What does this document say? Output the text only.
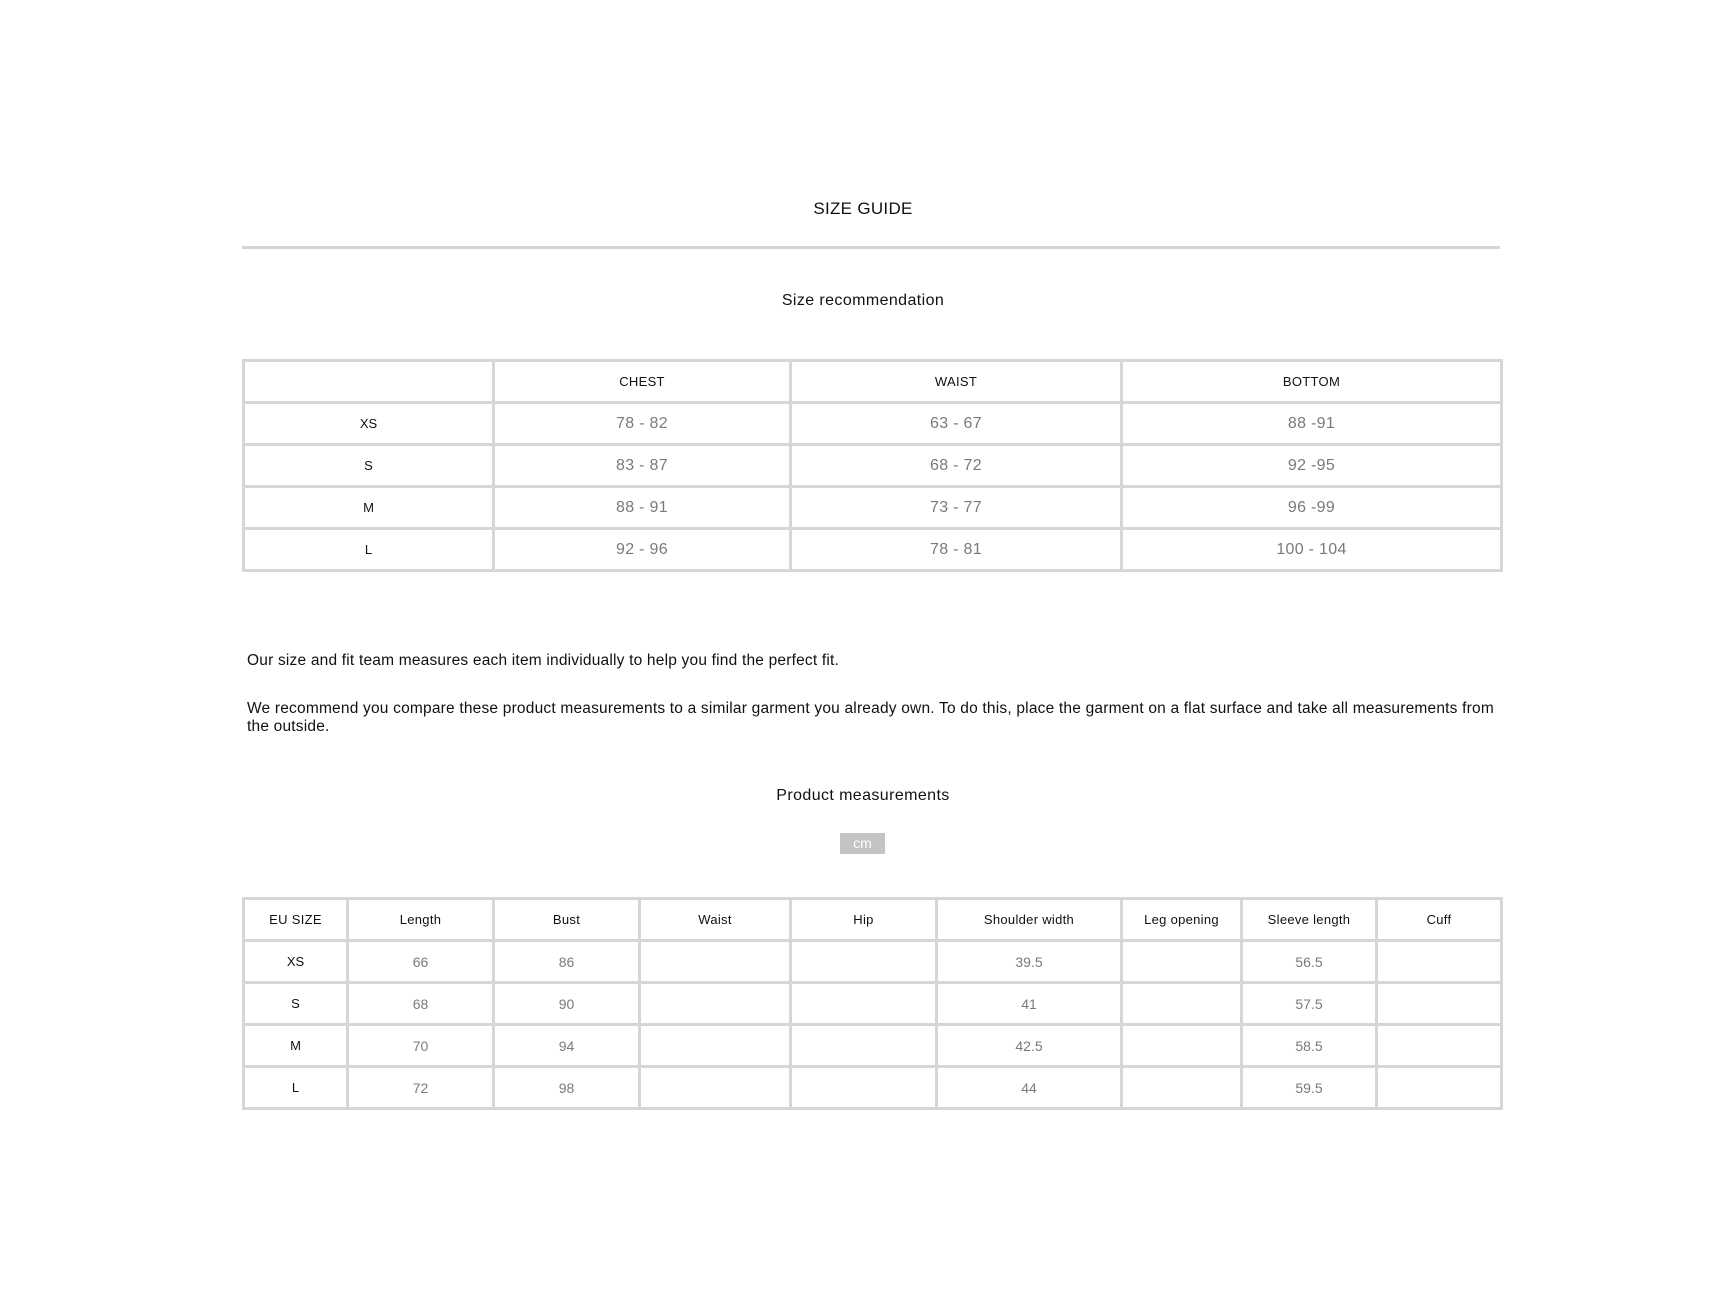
SIZE GUIDE
Size recommendation
	CHEST	WAIST	BOTTOM
XS	78 - 82	63 - 67	88 -91
S	83 - 87	68 - 72	92 -95
M	88 - 91	73 - 77	96 -99
L	92 - 96	78 - 81	100 - 104
Our size and fit team measures each item individually to help you find the perfect fit.
We recommend you compare these product measurements to a similar garment you already own. To do this, place the garment on a flat surface and take all measurements from the outside.
Product measurements
cm
EU SIZE	Length	Bust	Waist	Hip	Shoulder width	Leg opening	Sleeve length	Cuff
XS	66	86			39.5		56.5	
S	68	90			41		57.5	
M	70	94			42.5		58.5	
L	72	98			44		59.5	
